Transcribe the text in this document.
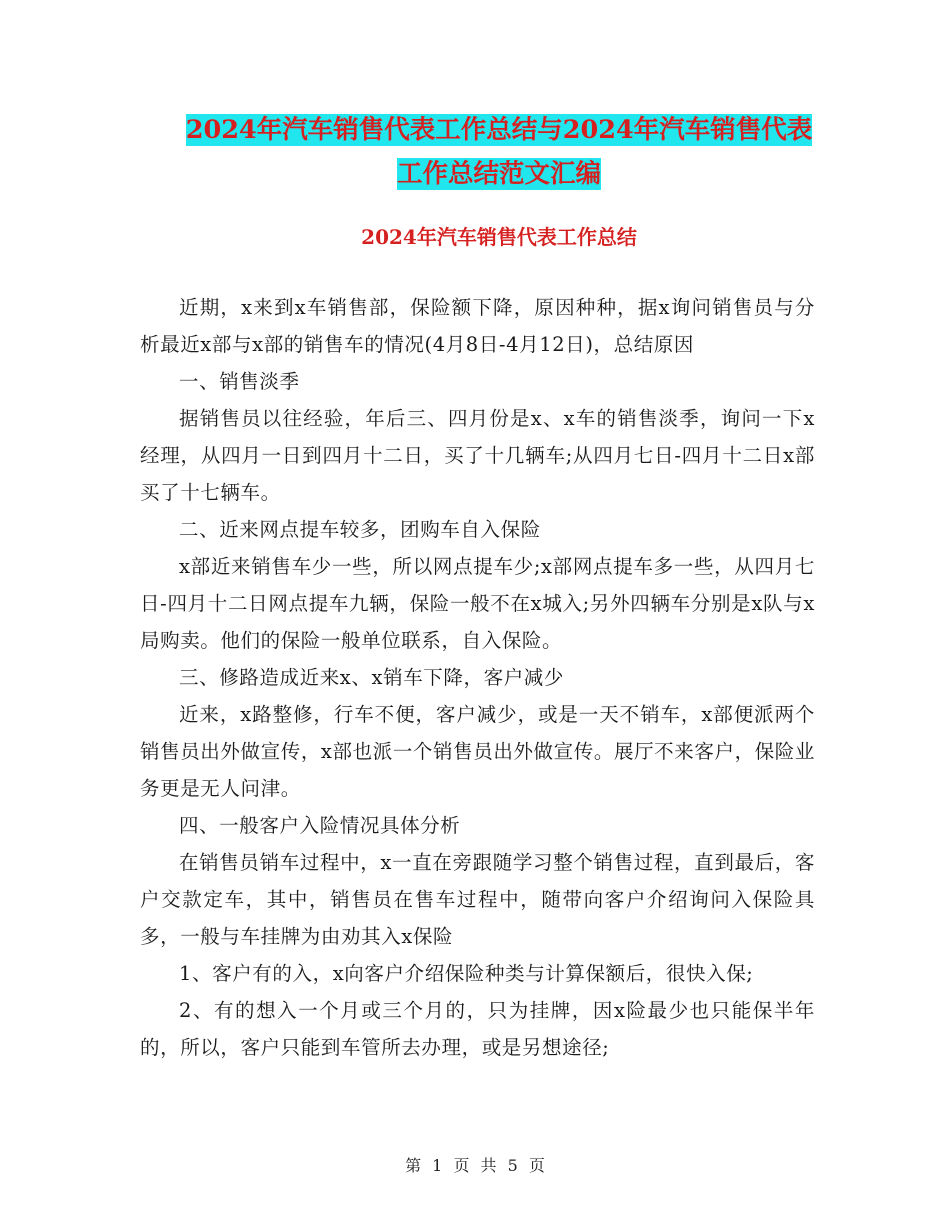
2024年汽车销售代表工作总结与2024年汽车销售代表
工作总结范文汇编
2024年汽车销售代表工作总结

近期，x来到x车销售部，保险额下降，原因种种，据x询问销售员与分析最近x部与x部的销售车的情况(4月8日-4月12日)，总结原因

一、销售淡季

据销售员以往经验，年后三、四月份是x、x车的销售淡季，询问一下x经理，从四月一日到四月十二日，买了十几辆车;从四月七日-四月十二日x部买了十七辆车。

二、近来网点提车较多，团购车自入保险

x部近来销售车少一些，所以网点提车少;x部网点提车多一些，从四月七日-四月十二日网点提车九辆，保险一般不在x城入;另外四辆车分别是x队与x局购卖。他们的保险一般单位联系，自入保险。

三、修路造成近来x、x销车下降，客户减少

近来，x路整修，行车不便，客户减少，或是一天不销车，x部便派两个销售员出外做宣传，x部也派一个销售员出外做宣传。展厅不来客户，保险业务更是无人问津。

四、一般客户入险情况具体分析

在销售员销车过程中，x一直在旁跟随学习整个销售过程，直到最后，客户交款定车，其中，销售员在售车过程中，随带向客户介绍询问入保险具多，一般与车挂牌为由劝其入x保险

1、客户有的入，x向客户介绍保险种类与计算保额后，很快入保;

2、有的想入一个月或三个月的，只为挂牌，因x险最少也只能保半年的，所以，客户只能到车管所去办理，或是另想途径;

第 1 页 共 5 页
